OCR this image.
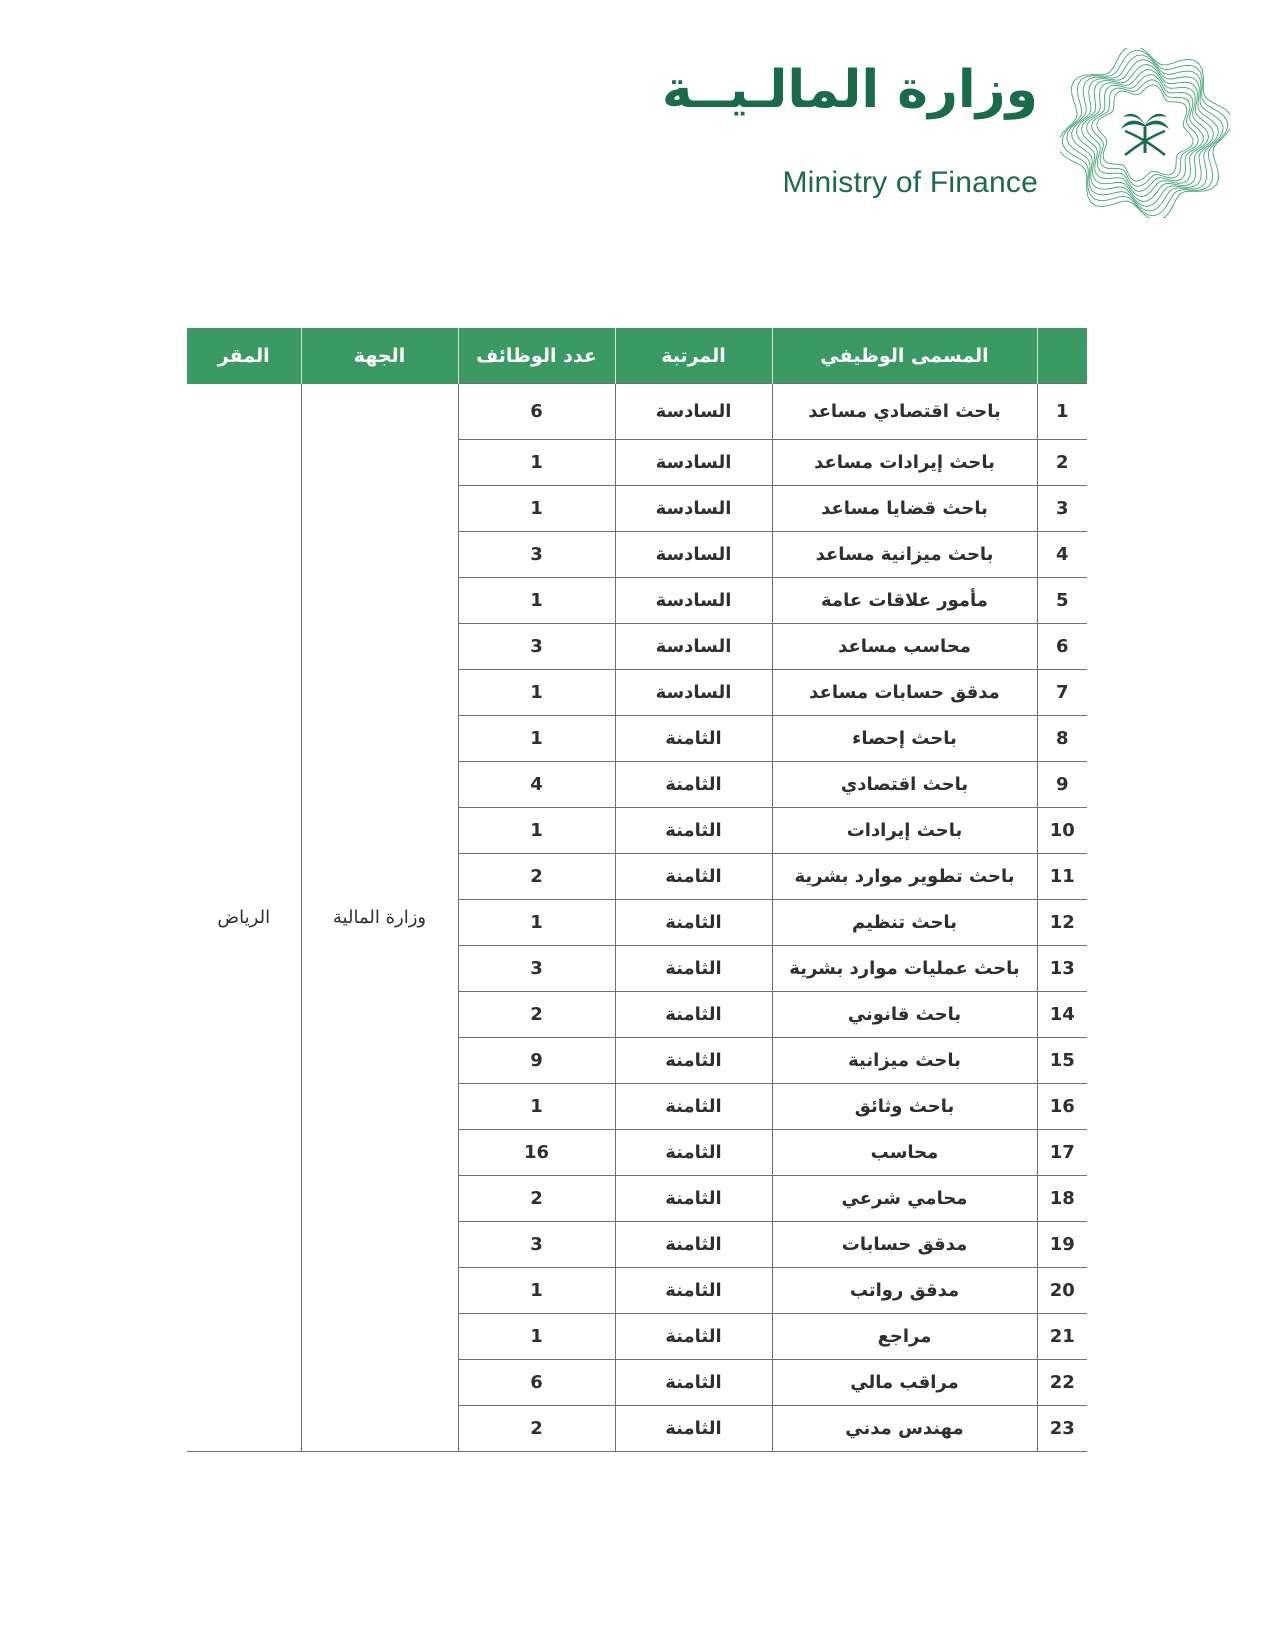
وزارة المالـيــة
Ministry of Finance
	المسمى الوظيفي	المرتبة	عدد الوظائف	الجهة	المقر
1	باحث اقتصادي مساعد	السادسة	6	وزارة المالية	الرياض
2	باحث إيرادات مساعد	السادسة	1		
3	باحث قضايا مساعد	السادسة	1		
4	باحث ميزانية مساعد	السادسة	3		
5	مأمور علاقات عامة	السادسة	1		
6	محاسب مساعد	السادسة	3		
7	مدقق حسابات مساعد	السادسة	1		
8	باحث إحصاء	الثامنة	1		
9	باحث اقتصادي	الثامنة	4		
10	باحث إيرادات	الثامنة	1		
11	باحث تطوير موارد بشرية	الثامنة	2		
12	باحث تنظيم	الثامنة	1		
13	باحث عمليات موارد بشرية	الثامنة	3		
14	باحث قانوني	الثامنة	2		
15	باحث ميزانية	الثامنة	9		
16	باحث وثائق	الثامنة	1		
17	محاسب	الثامنة	16		
18	محامي شرعي	الثامنة	2		
19	مدقق حسابات	الثامنة	3		
20	مدقق رواتب	الثامنة	1		
21	مراجع	الثامنة	1		
22	مراقب مالي	الثامنة	6		
23	مهندس مدني	الثامنة	2		
